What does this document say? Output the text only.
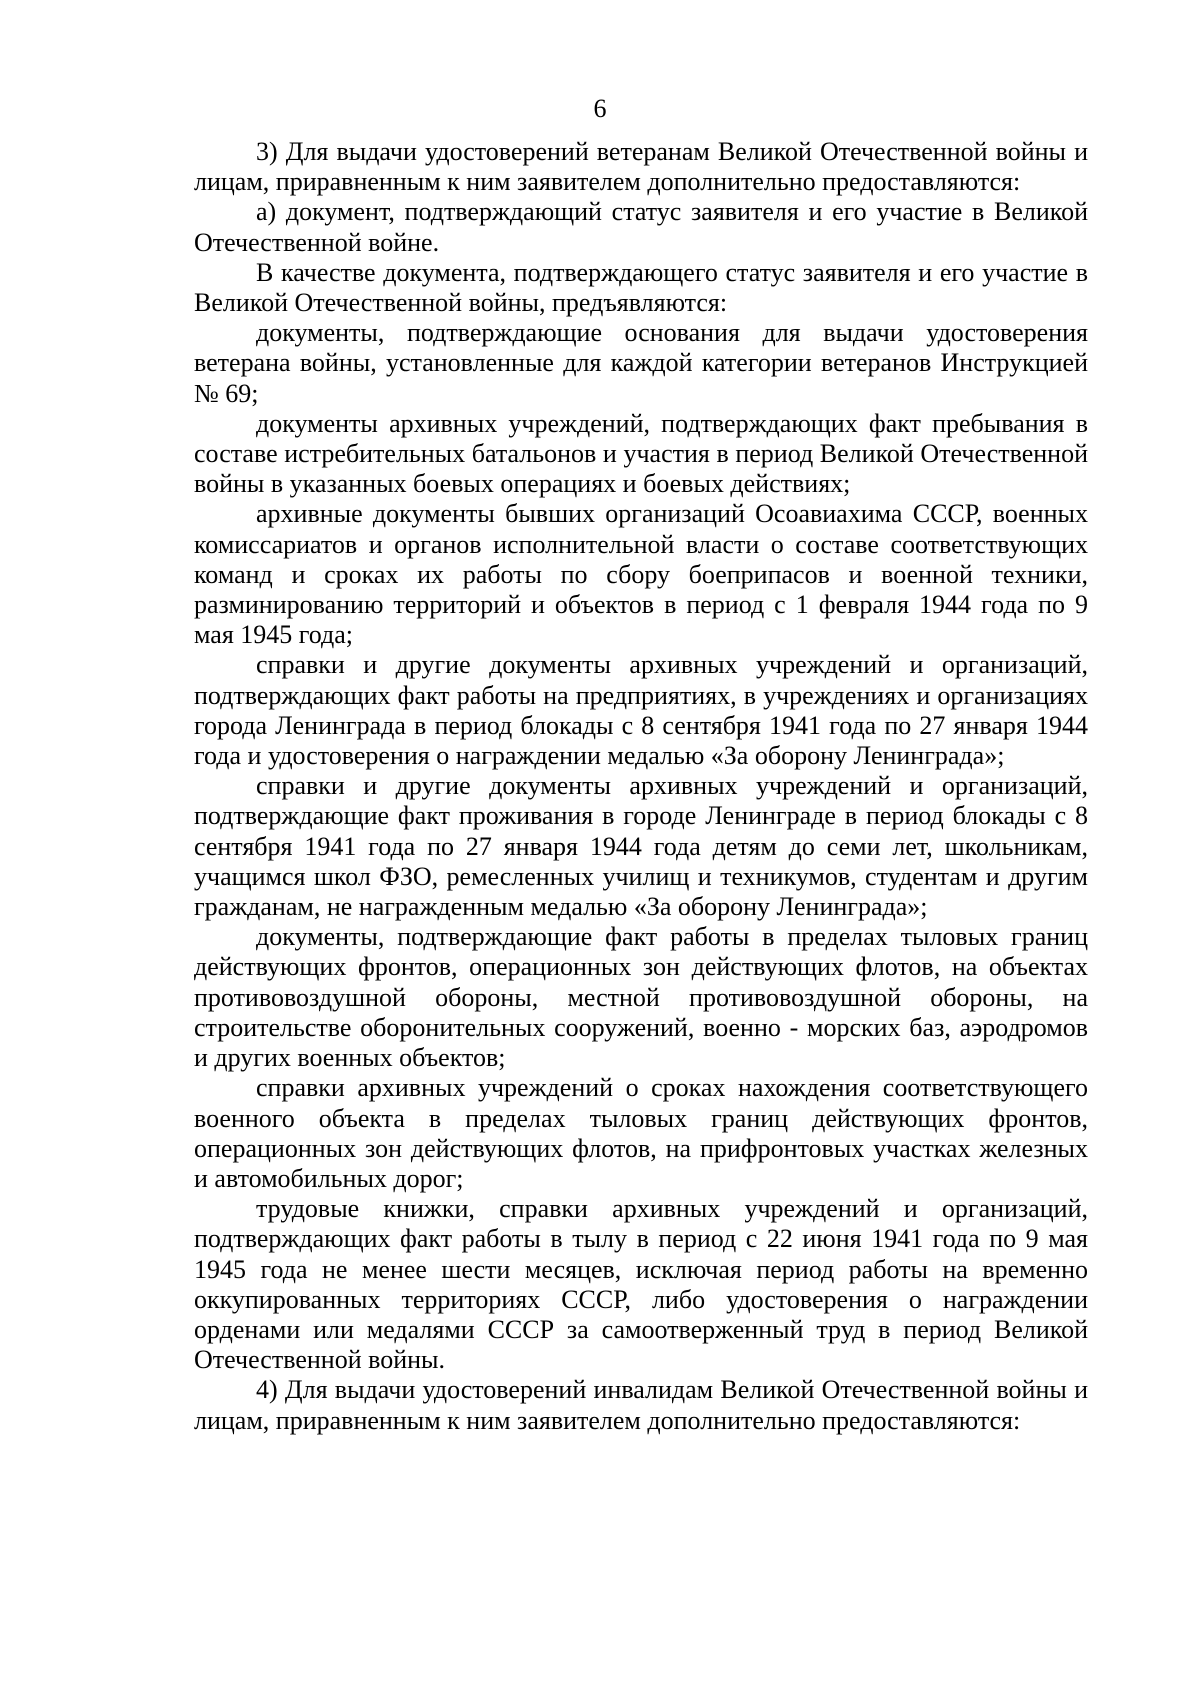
6

3) Для выдачи удостоверений ветеранам Великой Отечественной войны и лицам, приравненным к ним заявителем дополнительно предоставляются:

а) документ, подтверждающий статус заявителя и его участие в Великой Отечественной войне.

В качестве документа, подтверждающего статус заявителя и его участие в Великой Отечественной войны, предъявляются:

документы, подтверждающие основания для выдачи удостоверения ветерана войны, установленные для каждой категории ветеранов Инструкцией № 69;

документы архивных учреждений, подтверждающих факт пребывания в составе истребительных батальонов и участия в период Великой Отечественной войны в указанных боевых операциях и боевых действиях;

архивные документы бывших организаций Осоавиахима СССР, военных комиссариатов и органов исполнительной власти о составе соответствующих команд и сроках их работы по сбору боеприпасов и военной техники, разминированию территорий и объектов в период с 1 февраля 1944 года по 9 мая 1945 года;

справки и другие документы архивных учреждений и организаций, подтверждающих факт работы на предприятиях, в учреждениях и организациях города Ленинграда в период блокады с 8 сентября 1941 года по 27 января 1944 года и удостоверения о награждении медалью «За оборону Ленинграда»;

справки и другие документы архивных учреждений и организаций, подтверждающие факт проживания в городе Ленинграде в период блокады с 8 сентября 1941 года по 27 января 1944 года детям до семи лет, школьникам, учащимся школ ФЗО, ремесленных училищ и техникумов, студентам и другим гражданам, не награжденным медалью «За оборону Ленинграда»;

документы, подтверждающие факт работы в пределах тыловых границ действующих фронтов, операционных зон действующих флотов, на объектах противовоздушной обороны, местной противовоздушной обороны, на строительстве оборонительных сооружений, военно - морских баз, аэродромов и других военных объектов;

справки архивных учреждений о сроках нахождения соответствующего военного объекта в пределах тыловых границ действующих фронтов, операционных зон действующих флотов, на прифронтовых участках железных и автомобильных дорог;

трудовые книжки, справки архивных учреждений и организаций, подтверждающих факт работы в тылу в период с 22 июня 1941 года по 9 мая 1945 года не менее шести месяцев, исключая период работы на временно оккупированных территориях СССР, либо удостоверения о награждении орденами или медалями СССР за самоотверженный труд в период Великой Отечественной войны.

4) Для выдачи удостоверений инвалидам Великой Отечественной войны и лицам, приравненным к ним заявителем дополнительно предоставляются:
